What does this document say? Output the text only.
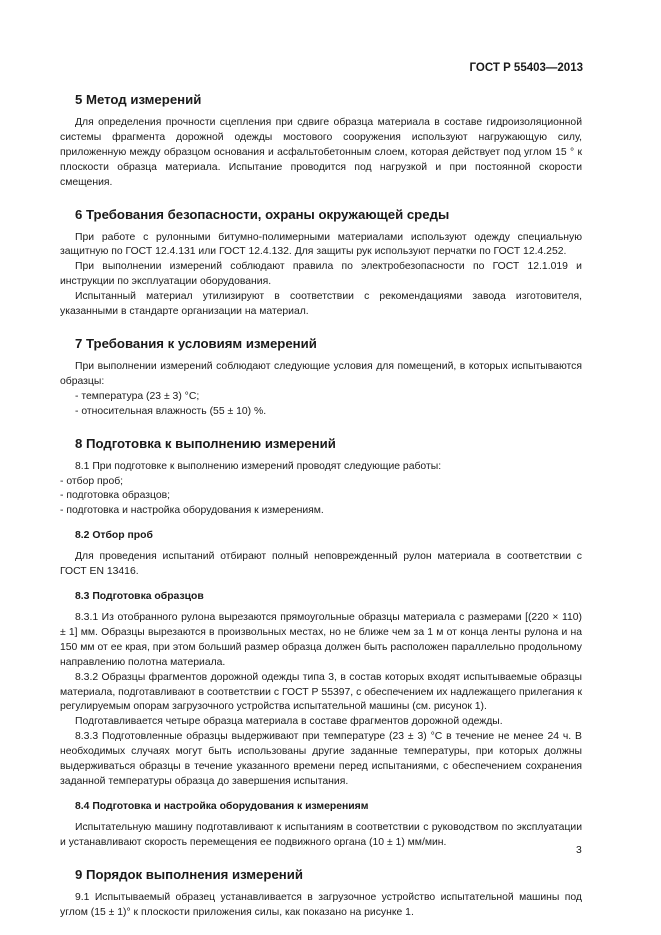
ГОСТ Р 55403—2013
5 Метод измерений

Для определения прочности сцепления при сдвиге образца материала в составе гидроизоляционной системы фрагмента дорожной одежды мостового сооружения используют нагружающую силу, приложенную между образцом основания и асфальтобетонным слоем, которая действует под углом 15 ° к плоскости образца материала. Испытание проводится под нагрузкой и при постоянной скорости смещения.

6 Требования безопасности, охраны окружающей среды

При работе с рулонными битумно-полимерными материалами используют одежду специальную защитную по ГОСТ 12.4.131 или ГОСТ 12.4.132. Для защиты рук используют перчатки по ГОСТ 12.4.252.

При выполнении измерений соблюдают правила по электробезопасности по ГОСТ 12.1.019 и инструкции по эксплуатации оборудования.

Испытанный материал утилизируют в соответствии с рекомендациями завода изготовителя, указанными в стандарте организации на материал.

7 Требования к условиям измерений

При выполнении измерений соблюдают следующие условия для помещений, в которых испытываются образцы:

- температура (23 ± 3) °С;

- относительная влажность (55 ± 10) %.

8 Подготовка к выполнению измерений

8.1 При подготовке к выполнению измерений проводят следующие работы:

- отбор проб;

- подготовка образцов;

- подготовка и настройка оборудования к измерениям.

8.2 Отбор проб

Для проведения испытаний отбирают полный неповрежденный рулон материала в соответствии с ГОСТ EN 13416.

8.3 Подготовка образцов

8.3.1 Из отобранного рулона вырезаются прямоугольные образцы материала с размерами [(220 × 110) ± 1] мм. Образцы вырезаются в произвольных местах, но не ближе чем за 1 м от конца ленты рулона и на 150 мм от ее края, при этом больший размер образца должен быть расположен параллельно продольному направлению полотна материала.

8.3.2 Образцы фрагментов дорожной одежды типа 3, в состав которых входят испытываемые образцы материала, подготавливают в соответствии с ГОСТ Р 55397, с обеспечением их надлежащего прилегания к регулируемым опорам загрузочного устройства испытательной машины (см. рисунок 1).

Подготавливается четыре образца материала в составе фрагментов дорожной одежды.

8.3.3 Подготовленные образцы выдерживают при температуре (23 ± 3) °С в течение не менее 24 ч. В необходимых случаях могут быть использованы другие заданные температуры, при которых должны выдерживаться образцы в течение указанного времени перед испытаниями, с обеспечением сохранения заданной температуры образца до завершения испытания.

8.4 Подготовка и настройка оборудования к измерениям

Испытательную машину подготавливают к испытаниям в соответствии с руководством по эксплуатации и устанавливают скорость перемещения ее подвижного органа (10 ± 1) мм/мин.

9 Порядок выполнения измерений

9.1 Испытываемый образец устанавливается в загрузочное устройство испытательной машины под углом (15 ± 1)° к плоскости приложения силы, как показано на рисунке 1.

3
